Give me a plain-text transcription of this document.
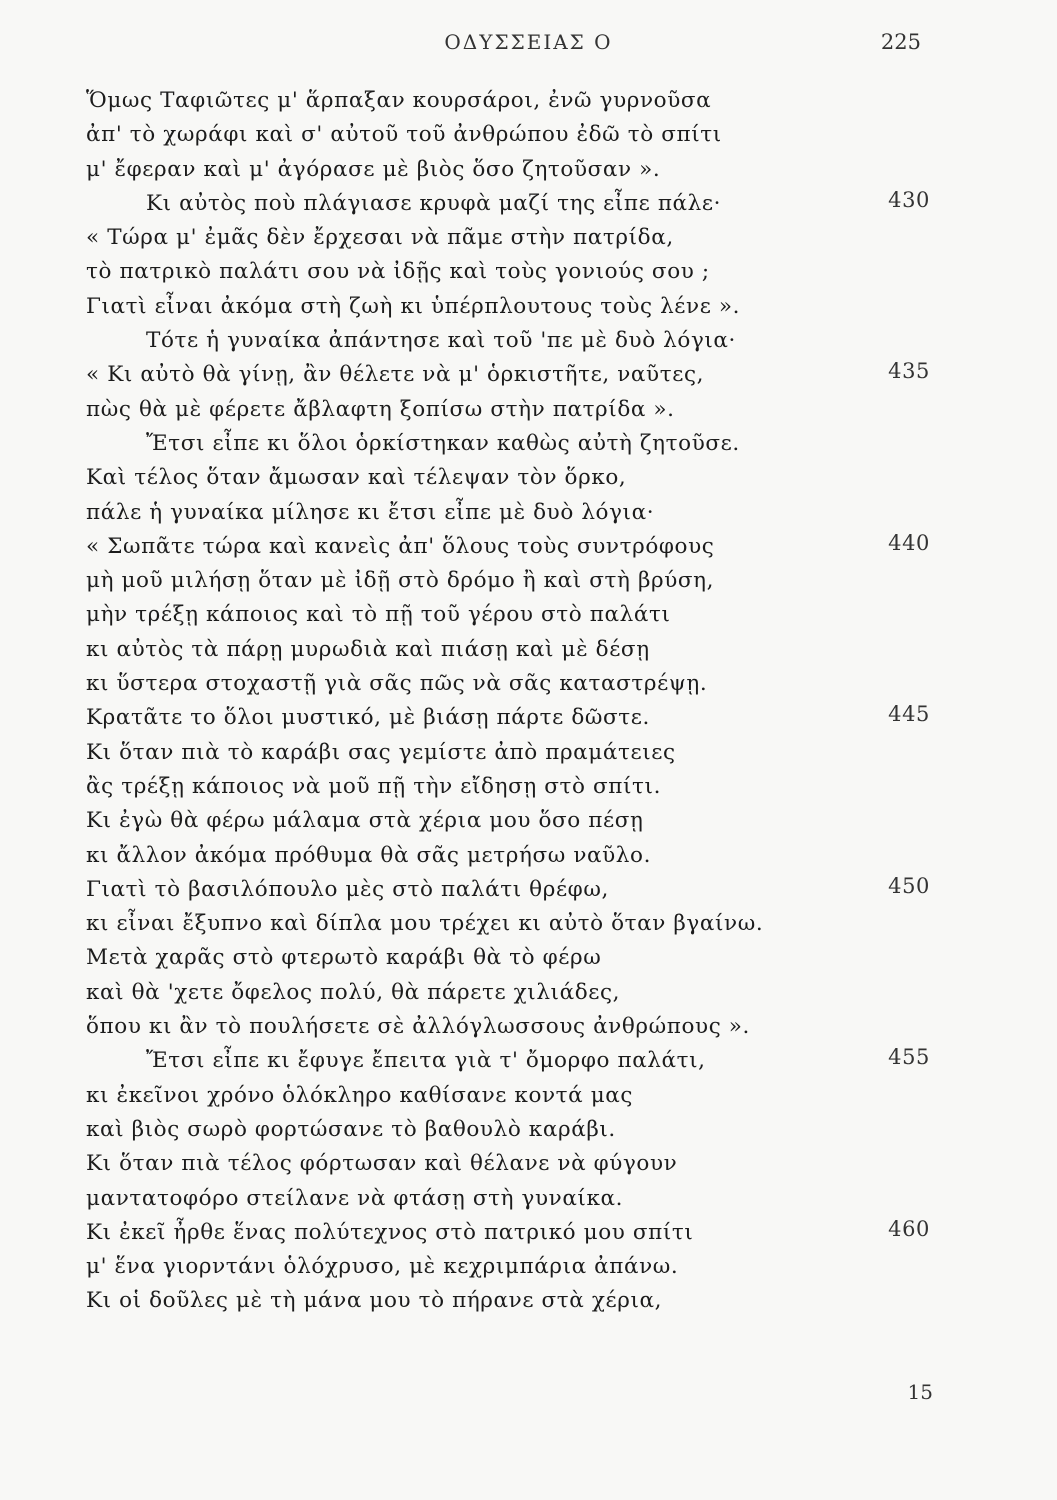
ΟΔΥΣΣΕΙΑΣ Ο	225
Ὅμως Ταφιῶτες μ' ἅρπαξαν κουρσάροι, ἐνῶ γυρνοῦσα
ἀπ' τὸ χωράφι καὶ σ' αὐτοῦ τοῦ ἀνθρώπου ἐδῶ τὸ σπίτι
μ' ἔφεραν καὶ μ' ἀγόρασε μὲ βιὸς ὅσο ζητοῦσαν ».
Κι αὐτὸς ποὺ πλάγιασε κρυφὰ μαζί της εἶπε πάλε·	430
« Τώρα μ' ἐμᾶς δὲν ἔρχεσαι νὰ πᾶμε στὴν πατρίδα,
τὸ πατρικὸ παλάτι σου νὰ ἰδῇς καὶ τοὺς γονιούς σου ;
Γιατὶ εἶναι ἀκόμα στὴ ζωὴ κι ὑπέρπλουτους τοὺς λένε ».
Τότε ἡ γυναίκα ἀπάντησε καὶ τοῦ 'πε μὲ δυὸ λόγια·
« Κι αὐτὸ θὰ γίνῃ, ἂν θέλετε νὰ μ' ὁρκιστῆτε, ναῦτες,	435
πὼς θὰ μὲ φέρετε ἄβλαφτη ξοπίσω στὴν πατρίδα ».
Ἔτσι εἶπε κι ὅλοι ὁρκίστηκαν καθὼς αὐτὴ ζητοῦσε.
Καὶ τέλος ὅταν ἄμωσαν καὶ τέλεψαν τὸν ὅρκο,
πάλε ἡ γυναίκα μίλησε κι ἔτσι εἶπε μὲ δυὸ λόγια·
« Σωπᾶτε τώρα καὶ κανεὶς ἀπ' ὅλους τοὺς συντρόφους	440
μὴ μοῦ μιλήσῃ ὅταν μὲ ἰδῇ στὸ δρόμο ἢ καὶ στὴ βρύση,
μὴν τρέξῃ κάποιος καὶ τὸ πῇ τοῦ γέρου στὸ παλάτι
κι αὐτὸς τὰ πάρῃ μυρωδιὰ καὶ πιάσῃ καὶ μὲ δέσῃ
κι ὕστερα στοχαστῇ γιὰ σᾶς πῶς νὰ σᾶς καταστρέψῃ.
Κρατᾶτε το ὅλοι μυστικό, μὲ βιάσῃ πάρτε δῶστε.	445
Κι ὅταν πιὰ τὸ καράβι σας γεμίστε ἀπὸ πραμάτειες
ἂς τρέξῃ κάποιος νὰ μοῦ πῇ τὴν εἴδησῃ στὸ σπίτι.
Κι ἐγὼ θὰ φέρω μάλαμα στὰ χέρια μου ὅσο πέσῃ
κι ἄλλον ἀκόμα πρόθυμα θὰ σᾶς μετρήσω ναῦλο.
Γιατὶ τὸ βασιλόπουλο μὲς στὸ παλάτι θρέφω,	450
κι εἶναι ἔξυπνο καὶ δίπλα μου τρέχει κι αὐτὸ ὅταν βγαίνω.
Μετὰ χαρᾶς στὸ φτερωτὸ καράβι θὰ τὸ φέρω
καὶ θὰ 'χετε ὄφελος πολύ, θὰ πάρετε χιλιάδες,
ὅπου κι ἂν τὸ πουλήσετε σὲ ἀλλόγλωσσους ἀνθρώπους ».
Ἔτσι εἶπε κι ἔφυγε ἔπειτα γιὰ τ' ὄμορφο παλάτι,	455
κι ἐκεῖνοι χρόνο ὁλόκληρο καθίσανε κοντά μας
καὶ βιὸς σωρὸ φορτώσανε τὸ βαθουλὸ καράβι.
Κι ὅταν πιὰ τέλος φόρτωσαν καὶ θέλανε νὰ φύγουν
μαντατοφόρο στείλανε νὰ φτάσῃ στὴ γυναίκα.
Κι ἐκεῖ ἦρθε ἕνας πολύτεχνος στὸ πατρικό μου σπίτι	460
μ' ἕνα γιορντάνι ὁλόχρυσο, μὲ κεχριμπάρια ἀπάνω.
Κι οἱ δοῦλες μὲ τὴ μάνα μου τὸ πήρανε στὰ χέρια,
15
